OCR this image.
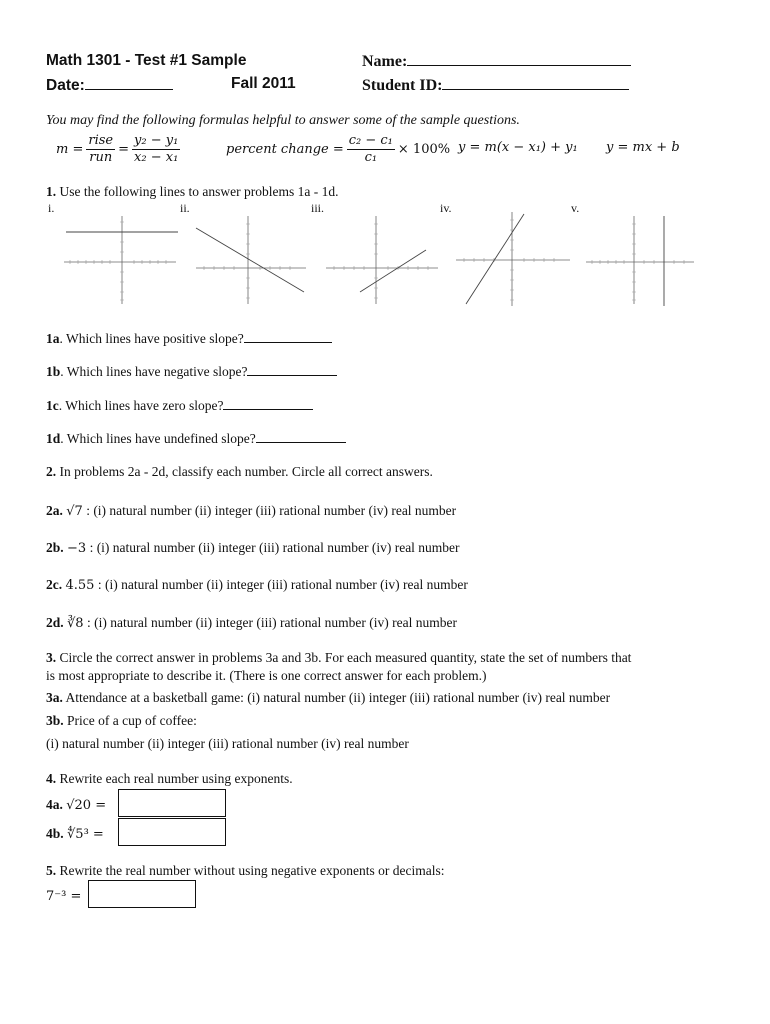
Math 1301 - Test #1 Sample
Date:	Fall 2011
Name:
Student ID:
You may find the following formulas helpful to answer some of the sample questions.
$m = \frac{\text{rise}}{\text{run}} = \frac{\text{y₂ − y₁}}{\text{x₂ − x₁}}$	percent change = $\frac{\text{c₂ − c₁}}{\text{c₁}} \times 100\%$ y = m(x − x₁) + y₁ y = mx + b
1. Use the following lines to answer problems 1a - 1d.
i.	ii.	iii.	iv.	v.
1a. Which lines have positive slope?
1b. Which lines have negative slope?
1c. Which lines have zero slope?
1d. Which lines have undefined slope?
2. In problems 2a - 2d, classify each number. Circle all correct answers.
2a. √7 : (i) natural number (ii) integer (iii) rational number (iv) real number
2b. −3 : (i) natural number (ii) integer (iii) rational number (iv) real number
2c. 4.55 : (i) natural number (ii) integer (iii) rational number (iv) real number
2d. ∛8 : (i) natural number (ii) integer (iii) rational number (iv) real number
3. Circle the correct answer in problems 3a and 3b. For each measured quantity, state the set of numbers that
is most appropriate to describe it. (There is one correct answer for each problem.)
3a. Attendance at a basketball game: (i) natural number (ii) integer (iii) rational number (iv) real number
3b. Price of a cup of coffee:
(i) natural number (ii) integer (iii) rational number (iv) real number
4. Rewrite each real number using exponents.
4a. √20 =
4b. ∜5³ =
5. Rewrite the real number without using negative exponents or decimals:
7⁻³ =
